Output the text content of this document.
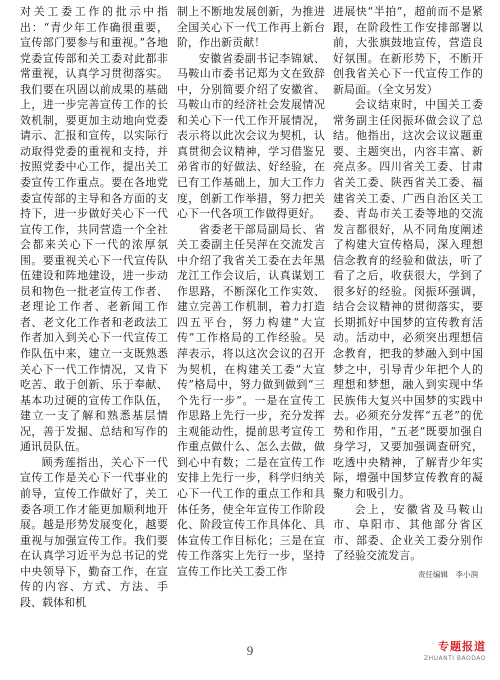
对关工委工作的批示中指出：“青少年工作确很重要，宣传部门要参与和重视。”各地党委宣传部和关工委对此都非常重视，认真学习贯彻落实。我们要在巩固以前成果的基础上，进一步完善宣传工作的长效机制，要更加主动地向党委请示、汇报和宣传，以实际行动取得党委的重视和支持，并按照党委中心工作，提出关工委宣传工作重点。要在各地党委宣传部的主导和各方面的支持下，进一步做好关心下一代宣传工作，共同营造一个全社会都来关心下一代的浓厚氛围。要重视关心下一代宣传队伍建设和阵地建设，进一步动员和物色一批老宣传工作者、老理论工作者、老新闻工作者、老文化工作者和老政法工作者加入到关心下一代宣传工作队伍中来，建立一支既熟悉关心下一代工作情况，又肯下吃苦、敢于创新、乐于奉献、基本功过硬的宣传工作队伍，建立一支了解和熟悉基层情况，善于发掘、总结和写作的通讯员队伍。

顾秀莲指出，关心下一代宣传工作是关心下一代事业的前导，宣传工作做好了，关工委各项工作才能更加顺利地开展。越是形势发展变化，越要重视与加强宣传工作。我们要在认真学习近平为总书记的党中央领导下，勤奋工作，在宣传的内容、方式、方法、手段、载体和机

制上不断地发展创新，为推进全国关心下一代工作再上新台阶，作出新贡献！

安徽省委副书记李锦斌、马鞍山市委书记郑为文在致辞中，分别简要介绍了安徽省、马鞍山市的经济社会发展情况和关心下一代工作开展情况，表示将以此次会议为契机，认真贯彻会议精神，学习借鉴兄弟省市的好做法、好经验，在已有工作基础上，加大工作力度，创新工作举措，努力把关心下一代各项工作做得更好。

省委老干部局副局长、省关工委副主任吴萍在交流发言中介绍了我省关工委在去年黑龙江工作会议后，认真谋划工作思路，不断深化工作实效、建立完善工作机制，着力打造四五平台，努力构建“大宣传”工作格局的工作经验。吴萍表示，将以这次会议的召开为契机，在构建关工委“大宣传”格局中，努力做到做到“三个先行一步”。一是在宣传工作思路上先行一步，充分发挥主观能动性，提前思考宣传工作重点做什么、怎么去做，做到心中有数；二是在宣传工作安排上先行一步，科学归纳关心下一代工作的重点工作和具体任务，使全年宣传工作阶段化、阶段宣传工作具体化、具体宣传工作目标化；三是在宣传工作落实上先行一步，坚持宣传工作比关工委工作

进展快“半拍”，超前而不是紧跟，在阶段性工作安排部署以前，大张旗鼓地宣传，营造良好氛围。在新形势下，不断开创我省关心下一代宣传工作的新局面。（全文另发）

会议结束时，中国关工委常务副主任闵振环做会议了总结。他指出，这次会议议题重要、主题突出，内容丰富、新亮点多。四川省关工委、甘肃省关工委、陕西省关工委、福建省关工委、广西自治区关工委、青岛市关工委等地的交流发言都很好，从不同角度阐述了构建大宣传格局，深入理想信念教育的经验和做法，听了看了之后，收获很大，学到了很多好的经验。闵振环强调，结合会议精神的贯彻落实，要长期抓好中国梦的宣传教育活动。活动中，必须突出理想信念教育，把我的梦融入到中国梦之中，引导青少年把个人的理想和梦想，融入到实现中华民族伟大复兴中国梦的实践中去。必须充分发挥“五老”的优势和作用，“五老”既要加强自身学习，又要加强调查研究，吃透中央精神，了解青少年实际，增强中国梦宣传教育的凝聚力和吸引力。

会上，安徽省及马鞍山市、阜阳市、其他部分省区市、部委、企业关工委分别作了经验交流发言。

责任编辑　李小润
9	专题报道
ZHUANTI BAODAO
